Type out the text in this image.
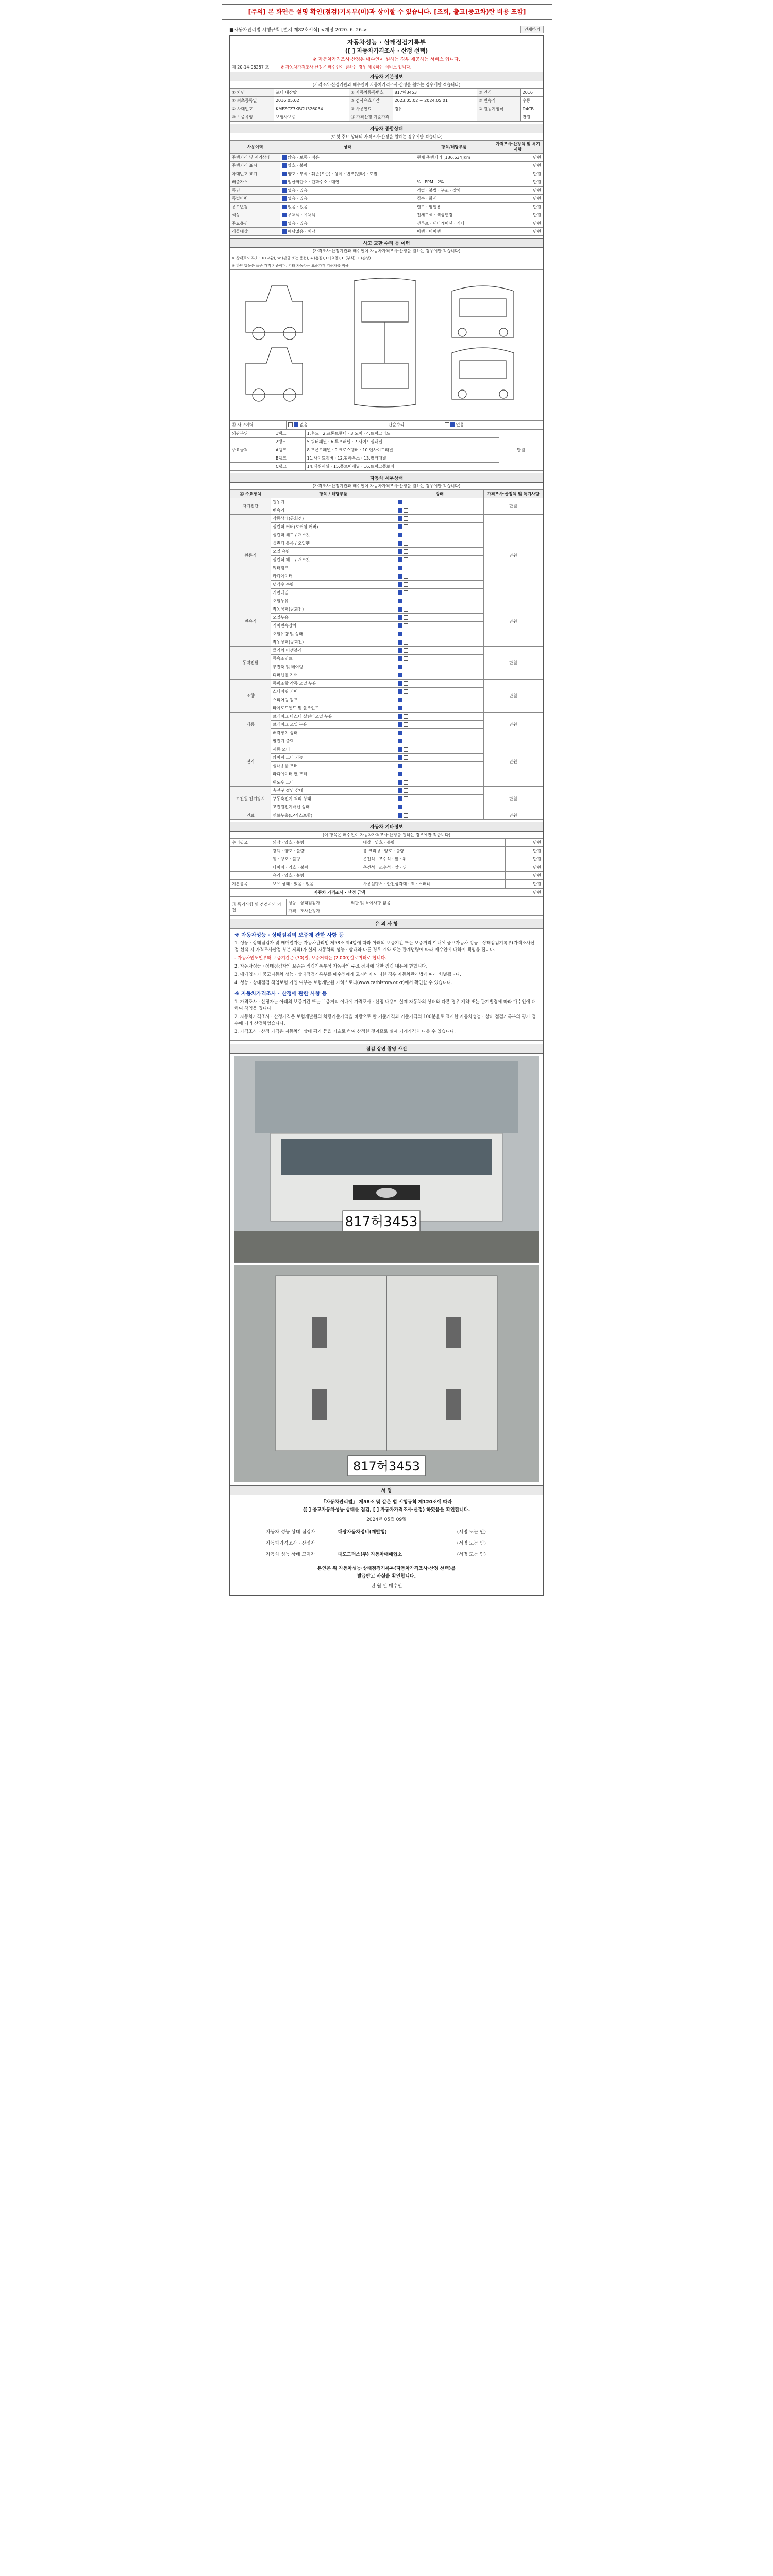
[주의] 본 화면은 설명 확인(점검)기록부(미)과 상이할 수 있습니다. [조회, 출고(중고차)란 비용 포함]
■자동차관리법 시행규칙 [별지 제82호서식] <개정 2020. 6. 26.>	인쇄하기
자동차성능 · 상태점검기록부
([ ] 자동차가격조사 · 산정 선택)
※ 자동차가격조사·산정은 매수인이 원하는 경우 제공하는 서비스 입니다.
제 20-14-06287 호	※ 자동차가격조사·산정은 매수인이 원하는 경우 제공하는 서비스 입니다.
자동차 기본정보
(가격조사·산정기관과 매수인이 자동차가격조사·산정을 원하는 경우에만 적습니다)
① 차명	포터 내장탑	② 자동차등록번호	817허3453	③ 연식	2016
④ 최초등록일	2016.05.02	⑤ 검사유효기간	2023.05.02 ~ 2024.05.01	⑥ 변속기	수동
⑦ 차대번호	KMFZCZ7KBGU326034	⑧ 사용연료	경유	⑨ 원동기형식	D4CB
⑩ 보증유형	보험사보증	⑪ 가격산정 기준가격			만원
자동차 종합상태
(여섯 주요 상태의 가격조사·산정을 원하는 경우에만 적습니다)
사용이력	상태	항목/해당부품	가격조사·산정액 및 특기사항
주행거리 및 계기상태	많음 · 보통 · 적음	현재 주행거리 [136,634]Km	만원
주행거리 표시	양호 · 불량		만원
차대번호 표기	양호 · 부식 · 훼손(오손) · 상이 · 변조(변타) · 도말		만원
배출가스	일산화탄소 · 탄화수소 · 매연	% · PPM · 2%	만원
튜닝	없음 · 있음	적법 · 불법 · 구조 · 장치	만원
특별이력	없음 · 있음	침수 · 화재	만원
용도변경	없음 · 있음	렌트 · 영업용	만원
색상	무채색 · 유채색	전체도색 · 색상변경	만원
주요옵션	없음 · 있음	선루프 · 내비게이션 · 기타	만원
리콜대상	해당없음 · 해당	이행 · 미이행	만원
사고 교환 수리 등 이력
(가격조사·산정기관과 매수인이 자동차가격조사·산정을 원하는 경우에만 적습니다)
※ 상태표시 부호 : X (교환), W (판금 또는 용접), A (흠집), U (요철), C (부식), T (손상)
※ 하단 항목은 표준 가격 기준이며, 기타 자동차는 표준가격 기준가를 적용
⑳ 사고이력	없음	단순수리	없음
외판부위	1랭크	1.후드 · 2.프론트휀더 · 3.도어 · 4.트렁크리드	만원
	2랭크	5.쿼터패널 · 6.루프패널 · 7.사이드실패널	
주요골격	A랭크	8.프론트패널 · 9.크로스멤버 · 10.인사이드패널	
	B랭크	11.사이드멤버 · 12.휠하우스 · 13.필러패널	
	C랭크	14.대쉬패널 · 15.플로어패널 · 16.트렁크플로어	
자동차 세부상태
(가격조사·산정기관과 매수인이 자동차가격조사·산정을 원하는 경우에만 적습니다)
⑳ 주요장치	항목 / 해당부품	상태	가격조사·산정액 및 특기사항
자기진단	원동기		만원
	변속기		
원동기	작동상태(공회전)		만원
	실린더 커버(로커암 커버)		
	실린더 헤드 / 개스킷		
	실린더 블록 / 오일팬		
	오일 유량		
	실린더 헤드 / 개스킷		
	워터펌프		
	라디에이터		
	냉각수 수량		
	커먼레일		
변속기	오일누유		만원
	작동상태(공회전)		
	오일누유		
	기어변속장치		
	오일유량 및 상태		
	작동상태(공회전)		
동력전달	클러치 어셈블리		만원
	등속조인트		
	추진축 및 베어링		
	디퍼렌셜 기어		
조향	동력조향 작동 오일 누유		만원
	스티어링 기어		
	스티어링 펌프		
	타이로드엔드 및 볼조인트		
제동	브레이크 마스터 실린더오일 누유		만원
	브레이크 오일 누유		
	배력장치 상태		
전기	발전기 출력		만원
	시동 모터		
	와이퍼 모터 기능		
	실내송풍 모터		
	라디에이터 팬 모터		
	윈도우 모터		
고전원 전기장치	충전구 절연 상태		만원
	구동축전지 격리 상태		
	고전원전기배선 상태		
연료	연료누출(LP가스포함)		만원
자동차 기타정보
(이 항목은 매수인이 자동차가격조사·산정을 원하는 경우에만 적습니다)
수리필요	외장 · 양호 · 불량	내장 · 양호 · 불량	만원
	광택 · 양호 · 불량	룸 크리닝 · 양호 · 불량	만원
	휠 · 양호 · 불량	운전석 · 조수석 · 앞 · 뒤	만원
	타이어 · 양호 · 불량	운전석 · 조수석 · 앞 · 뒤	만원
	유리 · 양호 · 불량		만원
기본품목	보유 상태 · 있음 · 없음	사용설명서 · 안전삼각대 · 잭 · 스패너	만원
자동차 가격조사 · 산정 금액	만원
⑬ 특기사항 및 점검자의 의견	성능 · 상태점검자	외관 및 특이사항 없음
	가격 · 조사산정자	
유 의 사 항

※ 자동차성능 · 상태점검의 보증에 관한 사항 등

1. 성능 · 상태점검자 및 매매업자는 자동차관리법 제58조 제4항에 따라 아래의 보증기간 또는 보증거리 이내에 중고자동차 성능 · 상태점검기록부(가격조사산정 선택 시 가격조사산정 부분 제외)가 실제 자동차의 성능 · 상태와 다른 경우 계약 또는 관계법령에 따라 매수인에 대하여 책임을 집니다.

- 자동차인도일부터 보증기간은 (30)일, 보증거리는 (2,000)킬로미터로 합니다.

2. 자동차성능 · 상태점검자의 보증은 점검기록부상 자동차의 주요 장치에 대한 점검 내용에 한합니다.

3. 매매업자가 중고자동차 성능 · 상태점검기록부를 매수인에게 고지하지 아니한 경우 자동차관리법에 따라 처벌됩니다.

4. 성능 · 상태점검 책임보험 가입 여부는 보험개발원 카히스토리(www.carhistory.or.kr)에서 확인할 수 있습니다.

※ 자동차가격조사 · 산정에 관한 사항 등

1. 가격조사 · 산정자는 아래의 보증기간 또는 보증거리 이내에 가격조사 · 산정 내용이 실제 자동차의 상태와 다른 경우 계약 또는 관계법령에 따라 매수인에 대하여 책임을 집니다.

2. 자동차가격조사 · 산정가격은 보험개발원의 차량기준가액을 바탕으로 한 기준가격과 기준가격의 100분율로 표시한 자동차성능 · 상태 점검기록부의 평가 점수에 따라 산정하였습니다.

3. 가격조사 · 산정 가격은 자동차의 상태 평가 등을 기초로 하여 산정한 것이므로 실제 거래가격과 다를 수 있습니다.

점검 장면 촬영 사진
817허3453
817허3453
서 명
「자동차관리법」 제58조 및 같은 법 시행규칙 제120조에 따라
([ ] 중고자동차성능·상태를 점검, [ ] 자동차가격조사·산정) 하였음을 확인합니다.
2024년 05월 09일
자동차 성능 상태 점검자	대광자동차정비(재발행)	(서명 또는 인)
자동차가격조사 · 산정자		(서명 또는 인)
자동차 성능 상태 고지자	대도모터스(주) 자동차매매업소	(서명 또는 인)
본인은 위 자동차성능·상태점검기록부(자동차가격조사·산정 선택)를
발급받고 사실을 확인합니다.
년 월 일 매수인
